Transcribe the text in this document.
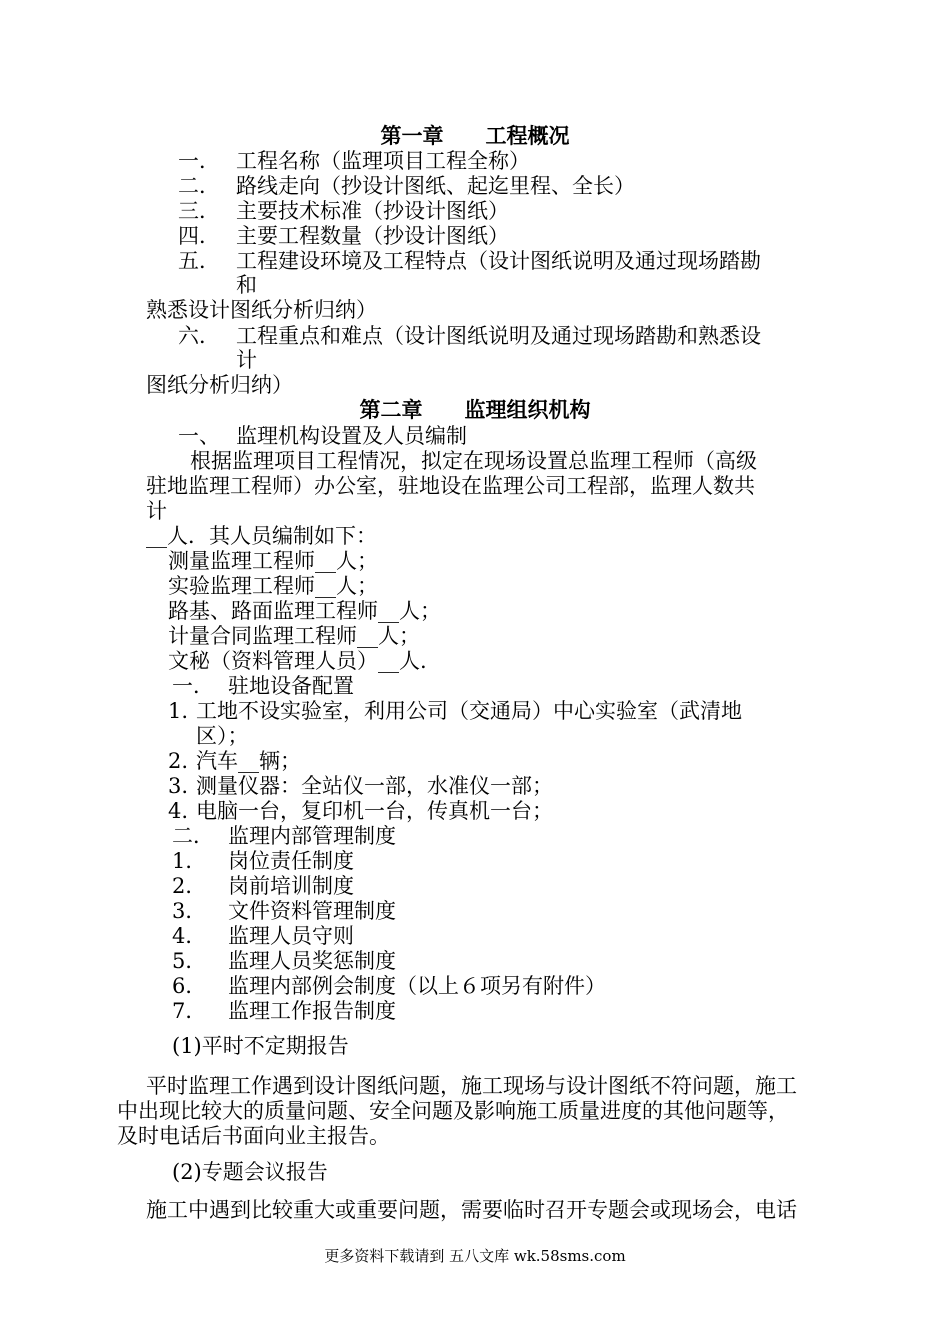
第一章　　工程概况
一． 工程名称（监理项目工程全称）
二． 路线走向（抄设计图纸、起迄里程、全长）
三． 主要技术标准（抄设计图纸）
四． 主要工程数量（抄设计图纸）
五． 工程建设环境及工程特点（设计图纸说明及通过现场踏勘
和
熟悉设计图纸分析归纳）
六． 工程重点和难点（设计图纸说明及通过现场踏勘和熟悉设
计
图纸分析归纳）
第二章　　监理组织机构
一、 监理机构设置及人员编制
根据监理项目工程情况，拟定在现场设置总监理工程师（高级
驻地监理工程师）办公室，驻地设在监理公司工程部，监理人数共
计
__人．其人员编制如下：
测量监理工程师__人；
实验监理工程师__人；
路基、路面监理工程师__人；
计量合同监理工程师__人；
文秘（资料管理人员）__人.
一． 驻地设备配置
1. 工地不设实验室，利用公司（交通局）中心实验室（武清地
区）；
2. 汽车__辆；
3. 测量仪器：全站仪一部，水准仪一部；
4. 电脑一台，复印机一台，传真机一台；
二． 监理内部管理制度
1． 岗位责任制度
2． 岗前培训制度
3． 文件资料管理制度
4． 监理人员守则
5． 监理人员奖惩制度
6． 监理内部例会制度（以上６项另有附件）
7． 监理工作报告制度
(1)平时不定期报告
平时监理工作遇到设计图纸问题，施工现场与设计图纸不符问题，施工
中出现比较大的质量问题、安全问题及影响施工质量进度的其他问题等，
及时电话后书面向业主报告。
(2)专题会议报告
施工中遇到比较重大或重要问题，需要临时召开专题会或现场会，电话
更多资料下载请到 五八文库 wk.58sms.com
